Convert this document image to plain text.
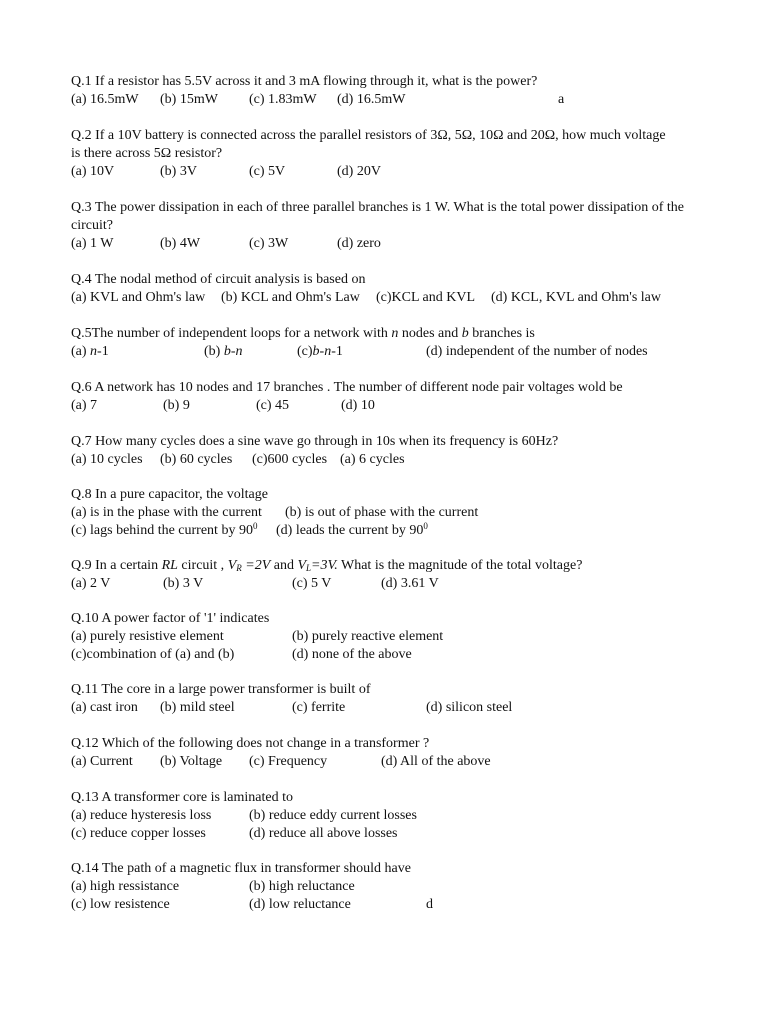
Q.1 If a resistor has 5.5V across it and 3 mA flowing through it, what is the power?
(a) 16.5mW (b) 15mW (c) 1.83mW (d) 16.5mW	a
Q.2 If a 10V battery is connected across the parallel resistors of 3Ω, 5Ω, 10Ω and 20Ω, how much voltage is there across 5Ω resistor?
(a) 10V	(b) 3V	(c) 5V	(d) 20V
Q.3 The power dissipation in each of three parallel branches is 1 W. What is the total power dissipation of the circuit?
(a) 1 W	(b) 4W	(c) 3W	(d) zero
Q.4 The nodal method of circuit analysis is based on
(a) KVL and Ohm's law (b) KCL and Ohm's Law (c)KCL and KVL (d) KCL, KVL and Ohm's law
Q.5The number of independent loops for a network with n nodes and b branches is
(a) n-1	(b) b-n	(c)b-n-1	(d) independent of the number of nodes
Q.6 A network has 10 nodes and 17 branches . The number of different node pair voltages wold be
(a) 7	(b) 9	(c) 45	(d) 10
Q.7 How many cycles does a sine wave go through in 10s when its frequency is 60Hz?
(a) 10 cycles (b) 60 cycles (c)600 cycles (a) 6 cycles
Q.8 In a pure capacitor, the voltage
(a) is in the phase with the current (b) is out of phase with the current
(c) lags behind the current by $90^0$ (d) leads the current by $90^0$
Q.9 In a certain RL circuit , $V_R =2V$ and $V_L=3V$. What is the magnitude of the total voltage?
(a) 2 V	(b) 3 V	(c) 5 V	(d) 3.61 V
Q.10 A power factor of '1' indicates
(a) purely resistive element	(b) purely reactive element
(c)combination of (a) and (b)	(d) none of the above
Q.11 The core in a large power transformer is built of
(a) cast iron (b) mild steel	(c) ferrite	(d) silicon steel
Q.12 Which of the following does not change in a transformer ?
(a) Current (b) Voltage (c) Frequency	(d) All of the above
Q.13 A transformer core is laminated to
(a) reduce hysteresis loss	(b) reduce eddy current losses
(c) reduce copper losses	(d) reduce all above losses
Q.14 The path of a magnetic flux in transformer should have
(a) high ressistance	(b) high reluctance
(c) low resistence	(d) low reluctance	d
